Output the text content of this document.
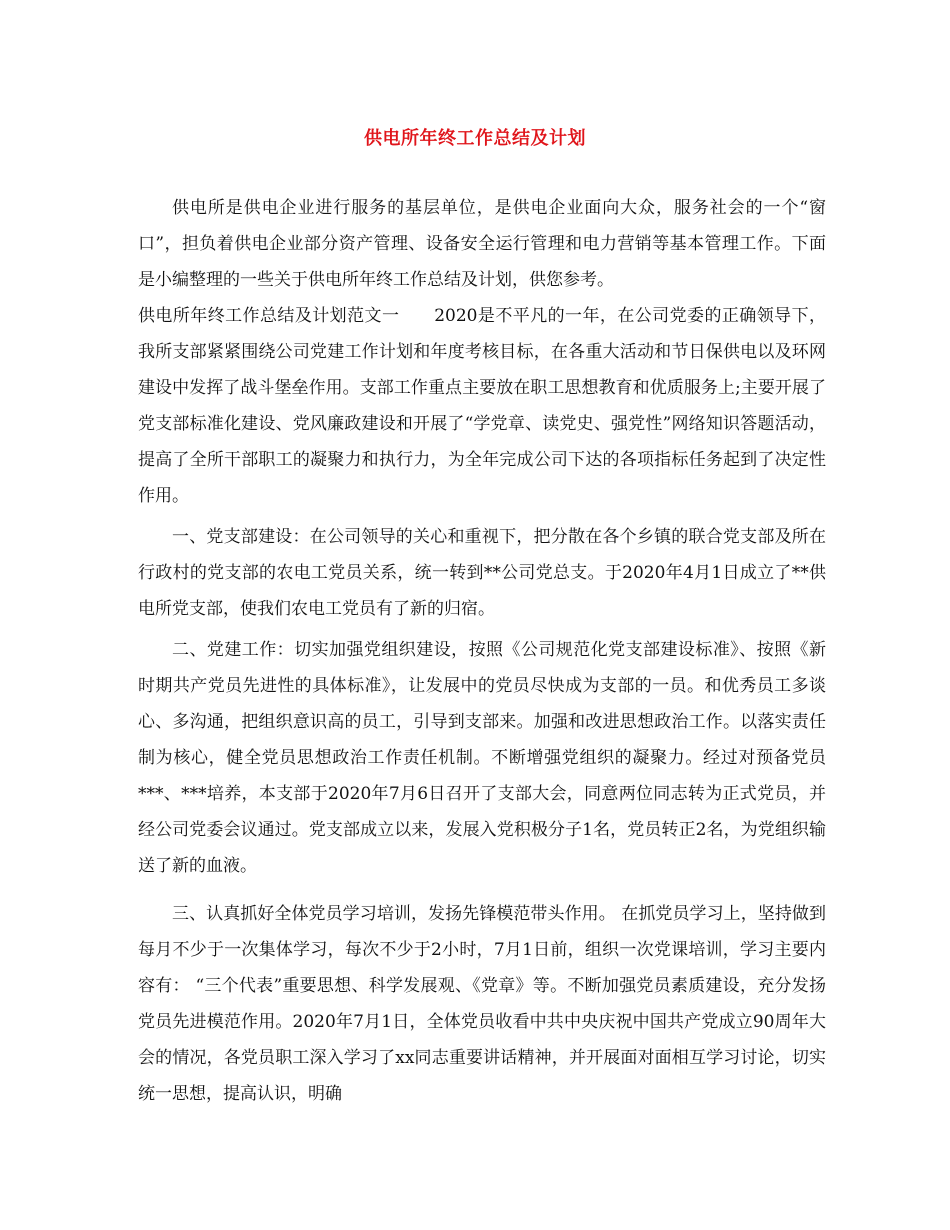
供电所年终工作总结及计划

供电所是供电企业进行服务的基层单位，是供电企业面向大众，服务社会的一个“窗口”，担负着供电企业部分资产管理、设备安全运行管理和电力营销等基本管理工作。下面是小编整理的一些关于供电所年终工作总结及计划，供您参考。

供电所年终工作总结及计划范文一　　2020是不平凡的一年，在公司党委的正确领导下，我所支部紧紧围绕公司党建工作计划和年度考核目标，在各重大活动和节日保供电以及环网建设中发挥了战斗堡垒作用。支部工作重点主要放在职工思想教育和优质服务上;主要开展了党支部标准化建设、党风廉政建设和开展了“学党章、读党史、强党性”网络知识答题活动，提高了全所干部职工的凝聚力和执行力，为全年完成公司下达的各项指标任务起到了决定性作用。

一、党支部建设：在公司领导的关心和重视下，把分散在各个乡镇的联合党支部及所在行政村的党支部的农电工党员关系，统一转到**公司党总支。于2020年4月1日成立了**供电所党支部，使我们农电工党员有了新的归宿。

二、党建工作：切实加强党组织建设，按照《公司规范化党支部建设标准》、按照《新时期共产党员先进性的具体标准》，让发展中的党员尽快成为支部的一员。和优秀员工多谈心、多沟通，把组织意识高的员工，引导到支部来。加强和改进思想政治工作。以落实责任制为核心，健全党员思想政治工作责任机制。不断增强党组织的凝聚力。经过对预备党员***、***培养，本支部于2020年7月6日召开了支部大会，同意两位同志转为正式党员，并经公司党委会议通过。党支部成立以来，发展入党积极分子1名，党员转正2名，为党组织输送了新的血液。

三、认真抓好全体党员学习培训，发扬先锋模范带头作用。 在抓党员学习上，坚持做到每月不少于一次集体学习，每次不少于2小时，7月1日前，组织一次党课培训，学习主要内容有： “三个代表”重要思想、科学发展观、《党章》等。不断加强党员素质建设，充分发扬党员先进模范作用。2020年7月1日，全体党员收看中共中央庆祝中国共产党成立90周年大会的情况，各党员职工深入学习了xx同志重要讲话精神，并开展面对面相互学习讨论，切实统一思想，提高认识，明确
